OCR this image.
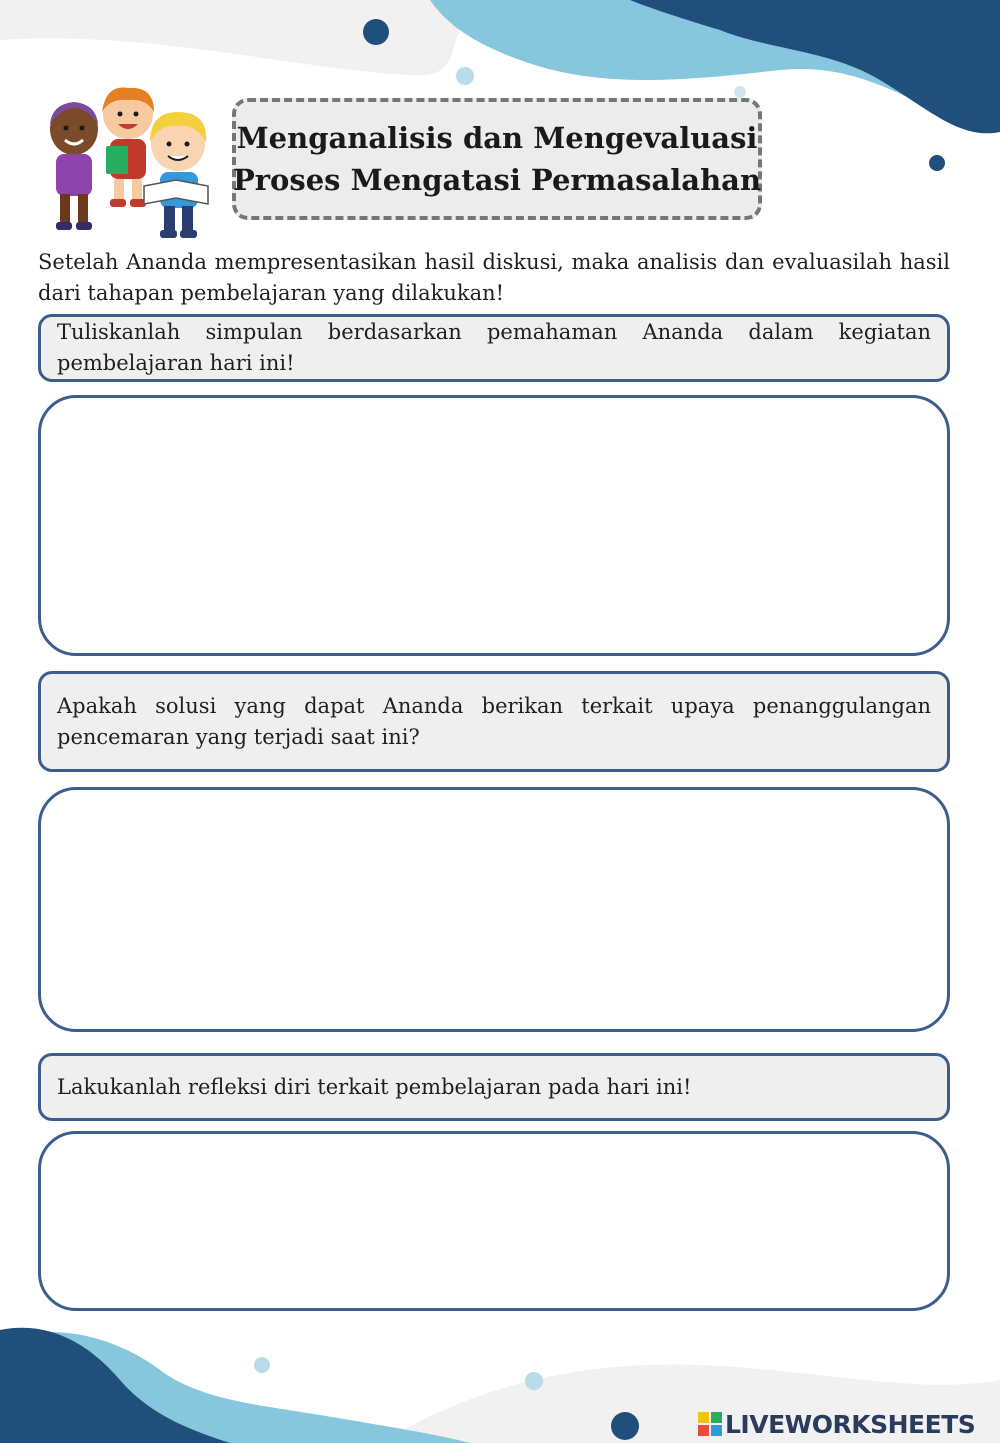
Menganalisis dan Mengevaluasi
Proses Mengatasi Permasalahan
Setelah Ananda mempresentasikan hasil diskusi, maka analisis dan evaluasilah hasil dari tahapan pembelajaran yang dilakukan!
Tuliskanlah simpulan berdasarkan pemahaman Ananda dalam kegiatan pembelajaran hari ini!
Apakah solusi yang dapat Ananda berikan terkait upaya penanggulangan pencemaran yang terjadi saat ini?
Lakukanlah refleksi diri terkait pembelajaran pada hari ini!
LIVEWORKSHEETS
